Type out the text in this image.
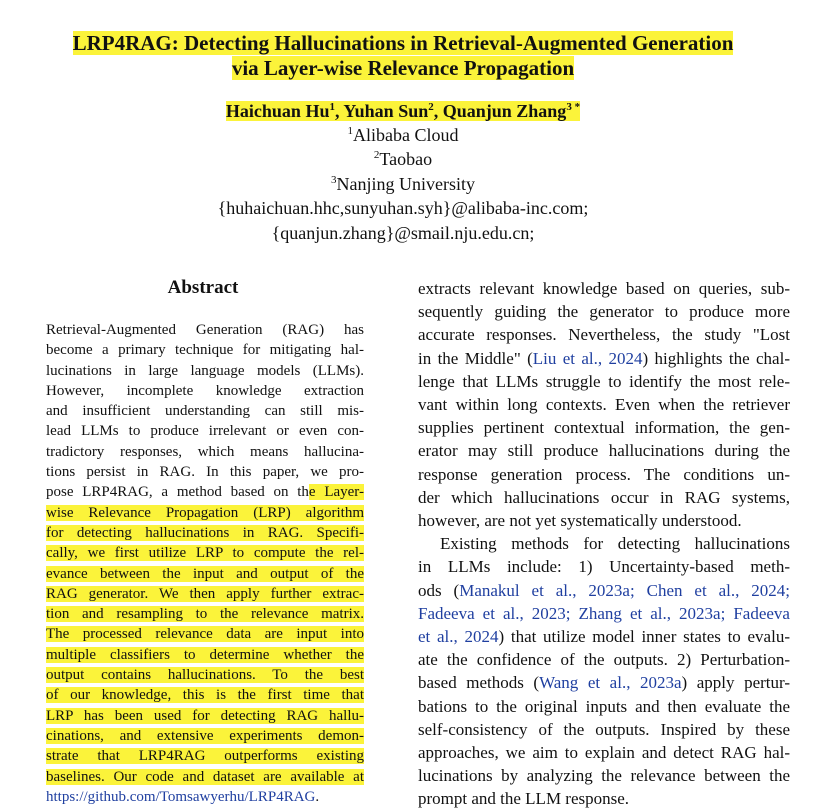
LRP4RAG: Detecting Hallucinations in Retrieval-Augmented Generation
via Layer-wise Relevance Propagation
Haichuan Hu$^1$, Yuhan Sun$^2$, Quanjun Zhang$^{3 *}$
$^1$Alibaba Cloud
$^2$Taobao
$^3$Nanjing University
{huhaichuan.hhc,sunyuhan.syh}@alibaba-inc.com;
{quanjun.zhang}@smail.nju.edu.cn;
Abstract
Retrieval-Augmented Generation (RAG) has
become a primary technique for mitigating hal-
lucinations in large language models (LLMs).
However, incomplete knowledge extraction
and insufficient understanding can still mis-
lead LLMs to produce irrelevant or even con-
tradictory responses, which means hallucina-
tions persist in RAG. In this paper, we pro-
pose LRP4RAG, a method based on the Layer-
wise Relevance Propagation (LRP) algorithm
for detecting hallucinations in RAG. Specifi-
cally, we first utilize LRP to compute the rel-
evance between the input and output of the
RAG generator. We then apply further extrac-
tion and resampling to the relevance matrix.
The processed relevance data are input into
multiple classifiers to determine whether the
output contains hallucinations. To the best
of our knowledge, this is the first time that
LRP has been used for detecting RAG hallu-
cinations, and extensive experiments demon-
strate that LRP4RAG outperforms existing
baselines. Our code and dataset are available at
https://github.com/Tomsawyerhu/LRP4RAG.
extracts relevant knowledge based on queries, sub-
sequently guiding the generator to produce more
accurate responses. Nevertheless, the study "Lost
in the Middle" (Liu et al., 2024) highlights the chal-
lenge that LLMs struggle to identify the most rele-
vant within long contexts. Even when the retriever
supplies pertinent contextual information, the gen-
erator may still produce hallucinations during the
response generation process. The conditions un-
der which hallucinations occur in RAG systems,
however, are not yet systematically understood.
Existing methods for detecting hallucinations
in LLMs include: 1) Uncertainty-based meth-
ods (Manakul et al., 2023a; Chen et al., 2024;
Fadeeva et al., 2023; Zhang et al., 2023a; Fadeeva
et al., 2024) that utilize model inner states to evalu-
ate the confidence of the outputs. 2) Perturbation-
based methods (Wang et al., 2023a) apply pertur-
bations to the original inputs and then evaluate the
self-consistency of the outputs. Inspired by these
approaches, we aim to explain and detect RAG hal-
lucinations by analyzing the relevance between the
prompt and the LLM response.
